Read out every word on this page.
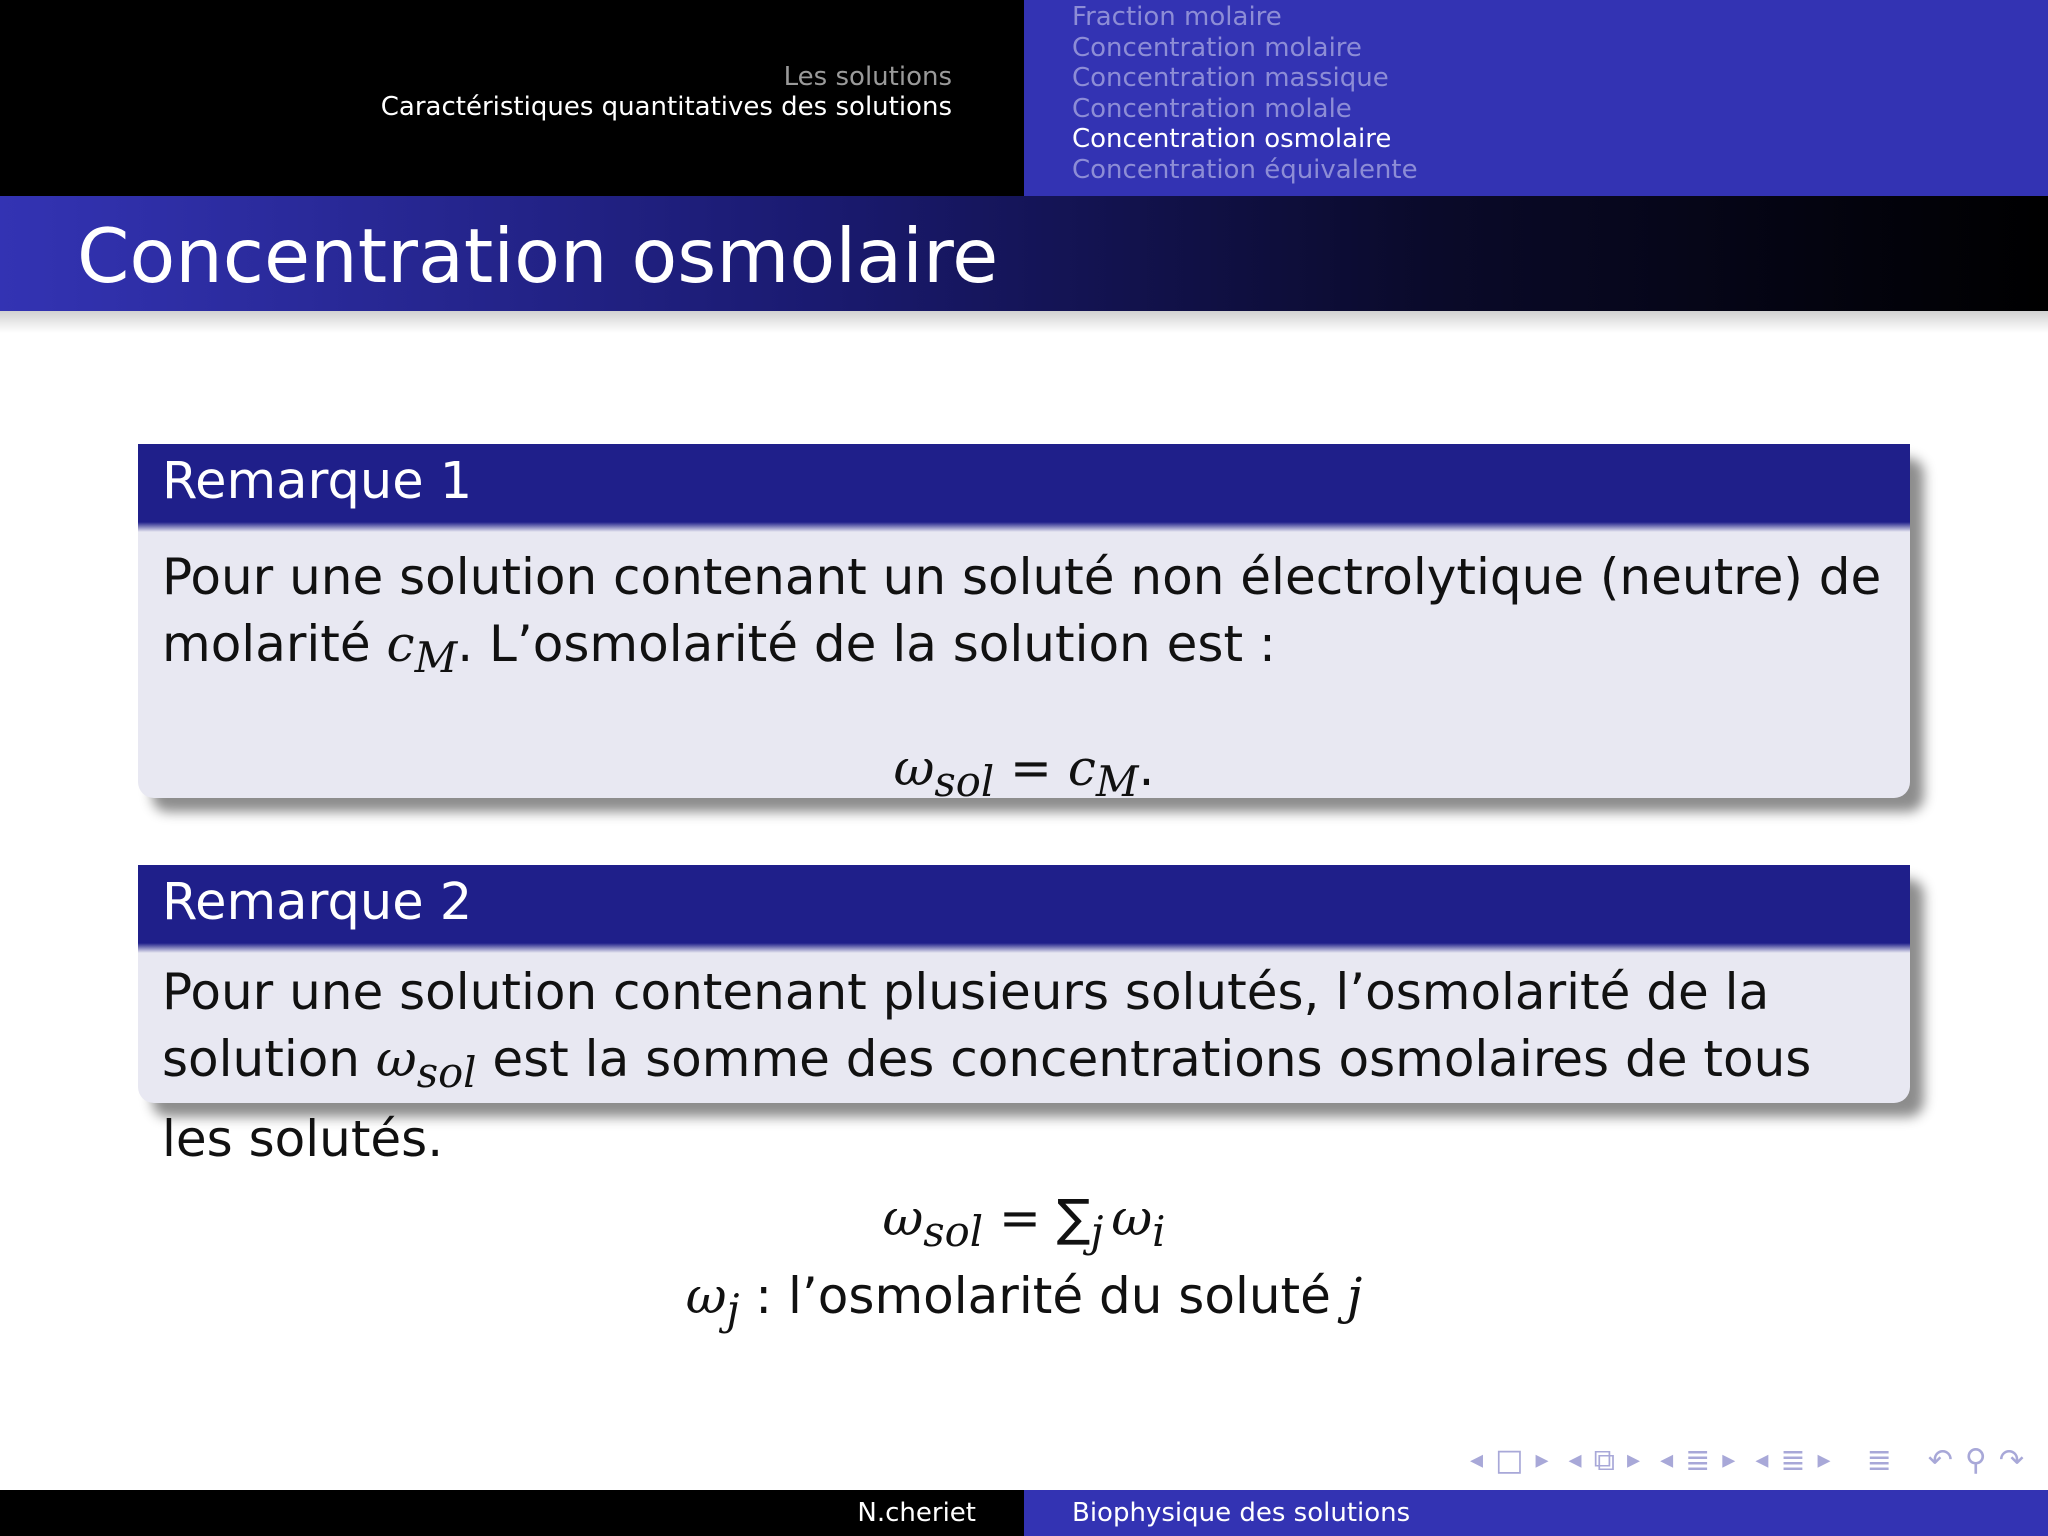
Les solutions
Caractéristiques quantitatives des solutions
Fraction molaire
Concentration molaire
Concentration massique
Concentration molale
Concentration osmolaire
Concentration équivalente
Concentration osmolaire
Remarque 1
Pour une solution contenant un soluté non électrolytique (neutre) de molarité $c_M$. L’osmolarité de la solution est :
$\omega_{sol} = c_M$.
Remarque 2
Pour une solution contenant plusieurs solutés, l’osmolarité de la solution $\omega_{sol}$ est la somme des concentrations osmolaires de tous les solutés.
$\omega_{sol} = \sum_j$ $\omega_i$
$\omega_j$ : l’osmolarité du soluté j
◂ □ ▸ ◂ ⧉ ▸ ◂ ≣ ▸ ◂ ≣ ▸ ≣ ↶ ⚲ ↷
N.cheriet	Biophysique des solutions
